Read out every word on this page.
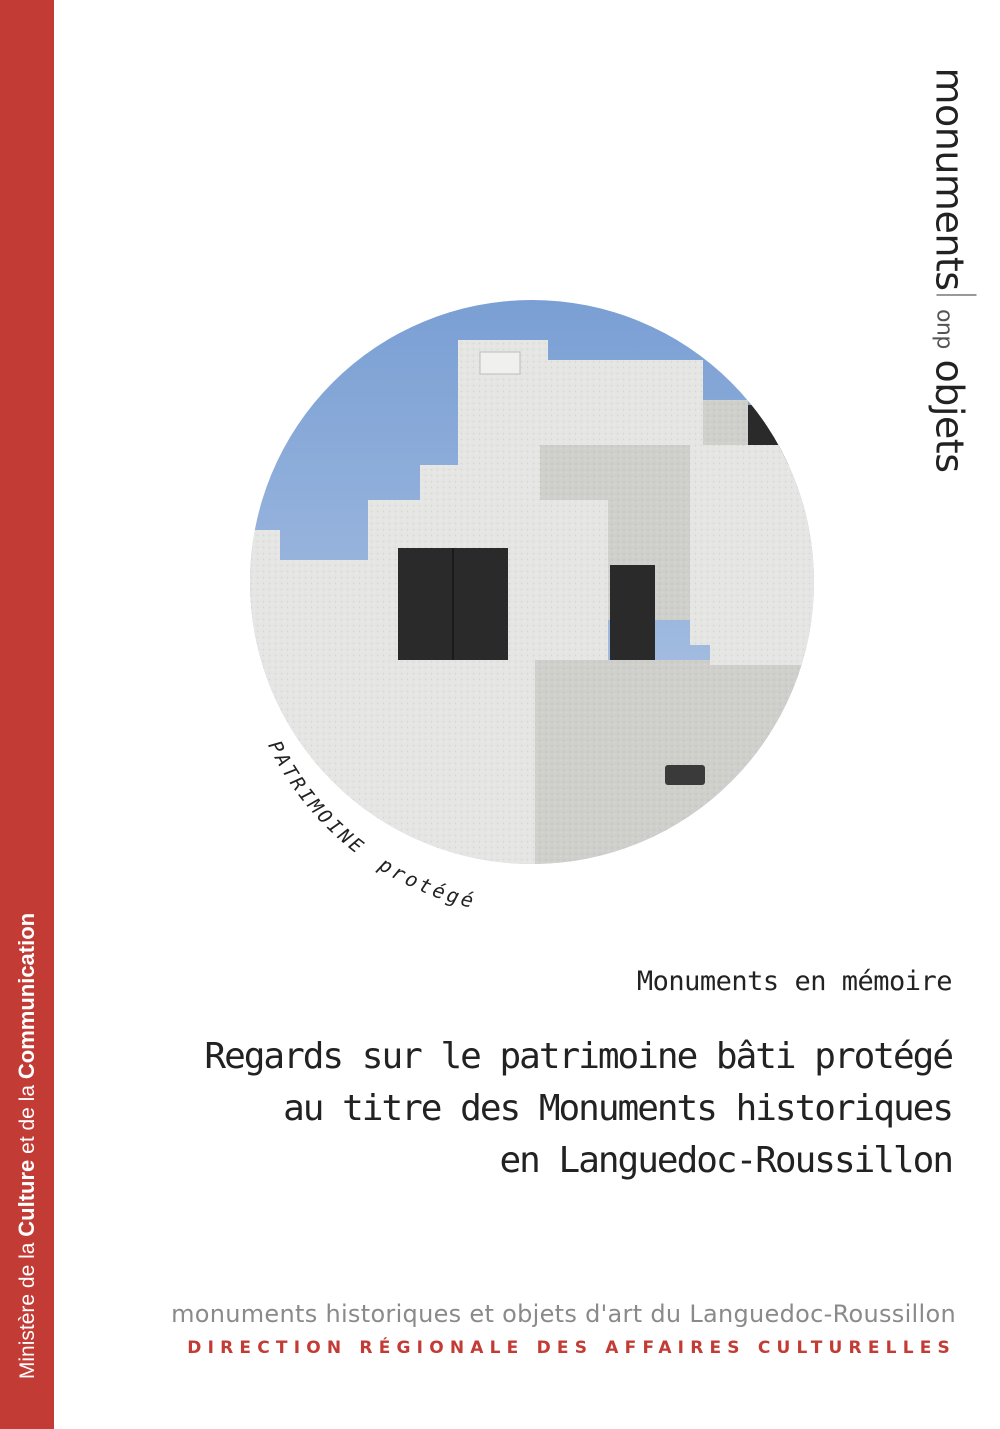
Ministère de la Culture et de la Communication
monuments
duo
objets
PATRIMOINE protégé
Monuments en mémoire
Regards sur le patrimoine bâti protégé
au titre des Monuments historiques
en Languedoc-Roussillon
monuments historiques et objets d'art du Languedoc-Roussillon
DIRECTION RÉGIONALE DES AFFAIRES CULTURELLES
